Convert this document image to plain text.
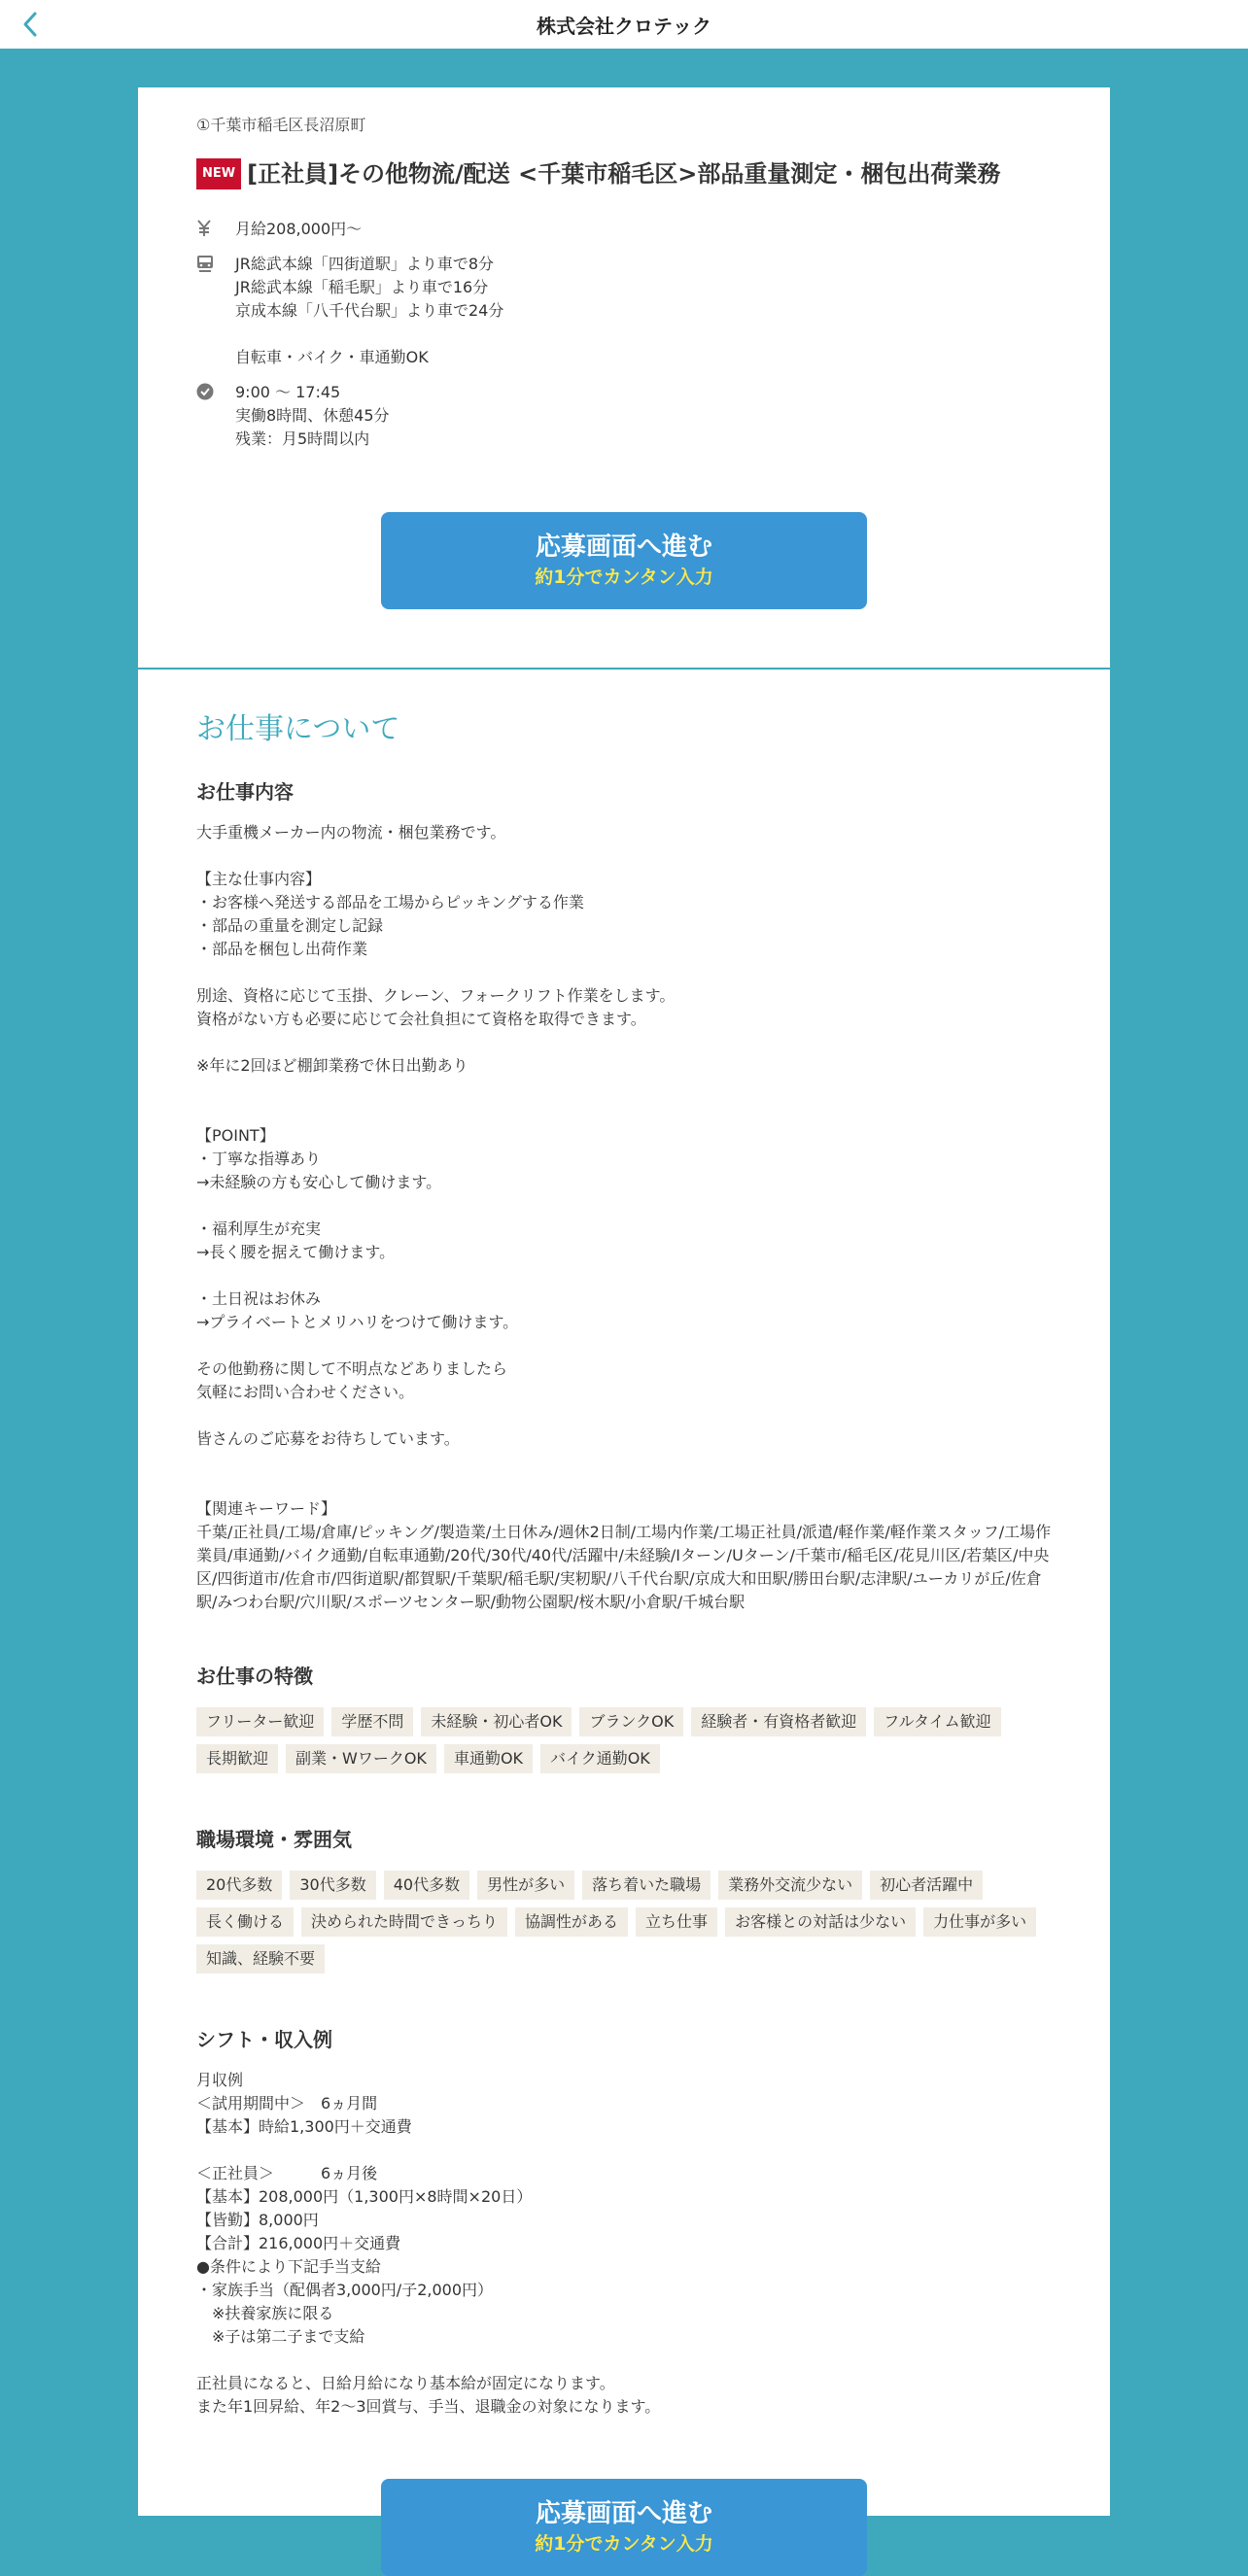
株式会社クロテック
①千葉市稲毛区長沼原町
NEW [正社員]その他物流/配送 <千葉市稲毛区>部品重量測定・梱包出荷業務
月給208,000円～
JR総武本線「四街道駅」より車で8分
JR総武本線「稲毛駅」より車で16分
京成本線「八千代台駅」より車で24分
自転車・バイク・車通勤OK
9:00 ～ 17:45
実働8時間、休憩45分
残業：月5時間以内
応募画面へ進む
約1分でカンタン入力
お仕事について
お仕事内容
大手重機メーカー内の物流・梱包業務です。

【主な仕事内容】
・お客様へ発送する部品を工場からピッキングする作業
・部品の重量を測定し記録
・部品を梱包し出荷作業

別途、資格に応じて玉掛、クレーン、フォークリフト作業をします。
資格がない方も必要に応じて会社負担にて資格を取得できます。

※年に2回ほど棚卸業務で休日出勤あり

【POINT】
・丁寧な指導あり
→未経験の方も安心して働けます。

・福利厚生が充実
→長く腰を据えて働けます。

・土日祝はお休み
→プライベートとメリハリをつけて働けます。

その他勤務に関して不明点などありましたら
気軽にお問い合わせください。

皆さんのご応募をお待ちしています。

【関連キーワード】
千葉/正社員/工場/倉庫/ピッキング/製造業/土日休み/週休2日制/工場内作業/工場正社員/派遣/軽作業/軽作業スタッフ/工場作業員/車通勤/バイク通勤/自転車通勤/20代/30代/40代/活躍中/未経験/Iターン/Uターン/千葉市/稲毛区/花見川区/若葉区/中央区/四街道市/佐倉市/四街道駅/都賀駅/千葉駅/稲毛駅/実籾駅/八千代台駅/京成大和田駅/勝田台駅/志津駅/ユーカリが丘/佐倉駅/みつわ台駅/穴川駅/スポーツセンター駅/動物公園駅/桜木駅/小倉駅/千城台駅
お仕事の特徴
フリーター歓迎	学歴不問	未経験・初心者OK	ブランクOK	経験者・有資格者歓迎	フルタイム歓迎
長期歓迎	副業・WワークOK	車通勤OK	バイク通勤OK
職場環境・雰囲気
20代多数	30代多数	40代多数	男性が多い	落ち着いた職場	業務外交流少ない	初心者活躍中
長く働ける	決められた時間できっちり	協調性がある	立ち仕事	お客様との対話は少ない	力仕事が多い
知識、経験不要
シフト・収入例
月収例
＜試用期間中＞　6ヵ月間
【基本】時給1,300円＋交通費

＜正社員＞　　　6ヵ月後
【基本】208,000円（1,300円×8時間×20日）
【皆勤】8,000円
【合計】216,000円＋交通費
●条件により下記手当支給
・家族手当（配偶者3,000円/子2,000円）
　※扶養家族に限る
　※子は第二子まで支給

正社員になると、日給月給になり基本給が固定になります。
また年1回昇給、年2～3回賞与、手当、退職金の対象になります。
応募画面へ進む
約1分でカンタン入力
